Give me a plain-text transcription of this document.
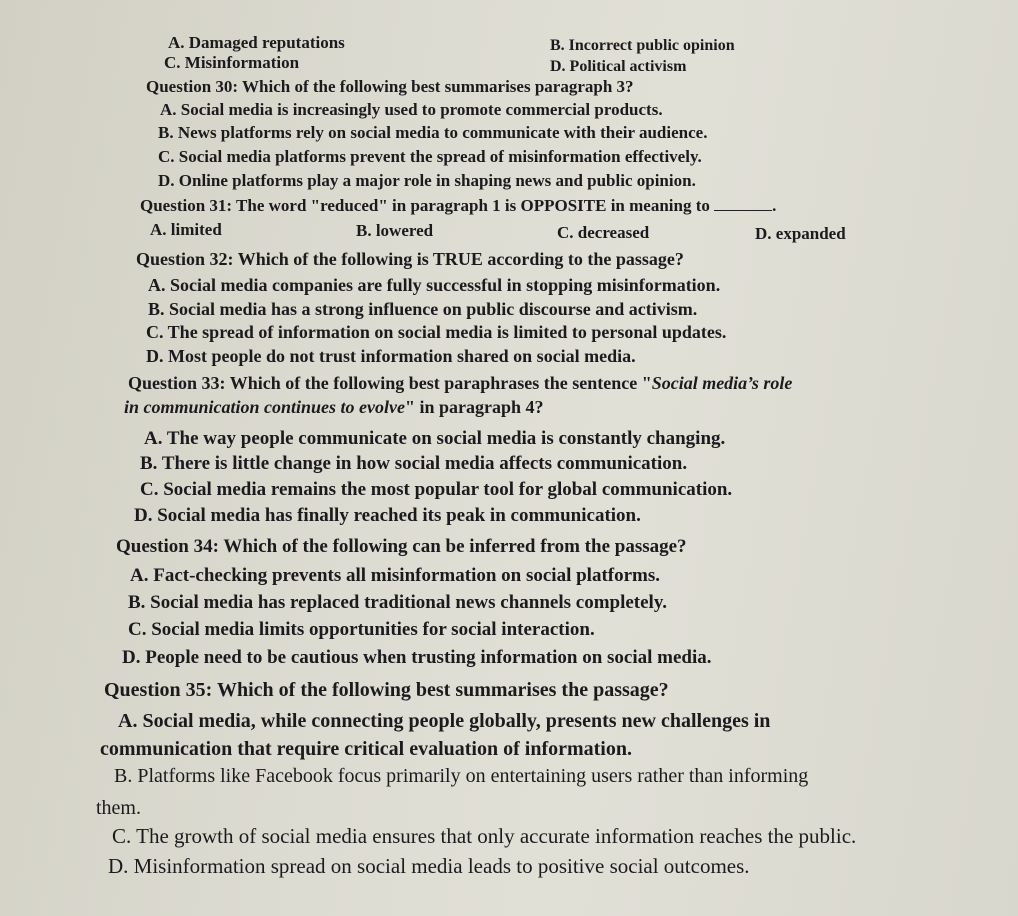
A. Damaged reputations	B. Incorrect public opinion
C. Misinformation	D. Political activism
Question 30: Which of the following best summarises paragraph 3?
A. Social media is increasingly used to promote commercial products.
B. News platforms rely on social media to communicate with their audience.
C. Social media platforms prevent the spread of misinformation effectively.
D. Online platforms play a major role in shaping news and public opinion.
Question 31: The word "reduced" in paragraph 1 is OPPOSITE in meaning to	.
A. limited	B. lowered	C. decreased	D. expanded
Question 32: Which of the following is TRUE according to the passage?
A. Social media companies are fully successful in stopping misinformation.
B. Social media has a strong influence on public discourse and activism.
C. The spread of information on social media is limited to personal updates.
D. Most people do not trust information shared on social media.
Question 33: Which of the following best paraphrases the sentence "Social media’s role
in communication continues to evolve" in paragraph 4?
A. The way people communicate on social media is constantly changing.
B. There is little change in how social media affects communication.
C. Social media remains the most popular tool for global communication.
D. Social media has finally reached its peak in communication.
Question 34: Which of the following can be inferred from the passage?
A. Fact-checking prevents all misinformation on social platforms.
B. Social media has replaced traditional news channels completely.
C. Social media limits opportunities for social interaction.
D. People need to be cautious when trusting information on social media.
Question 35: Which of the following best summarises the passage?
A. Social media, while connecting people globally, presents new challenges in
communication that require critical evaluation of information.
B. Platforms like Facebook focus primarily on entertaining users rather than informing
them.
C. The growth of social media ensures that only accurate information reaches the public.
D. Misinformation spread on social media leads to positive social outcomes.
